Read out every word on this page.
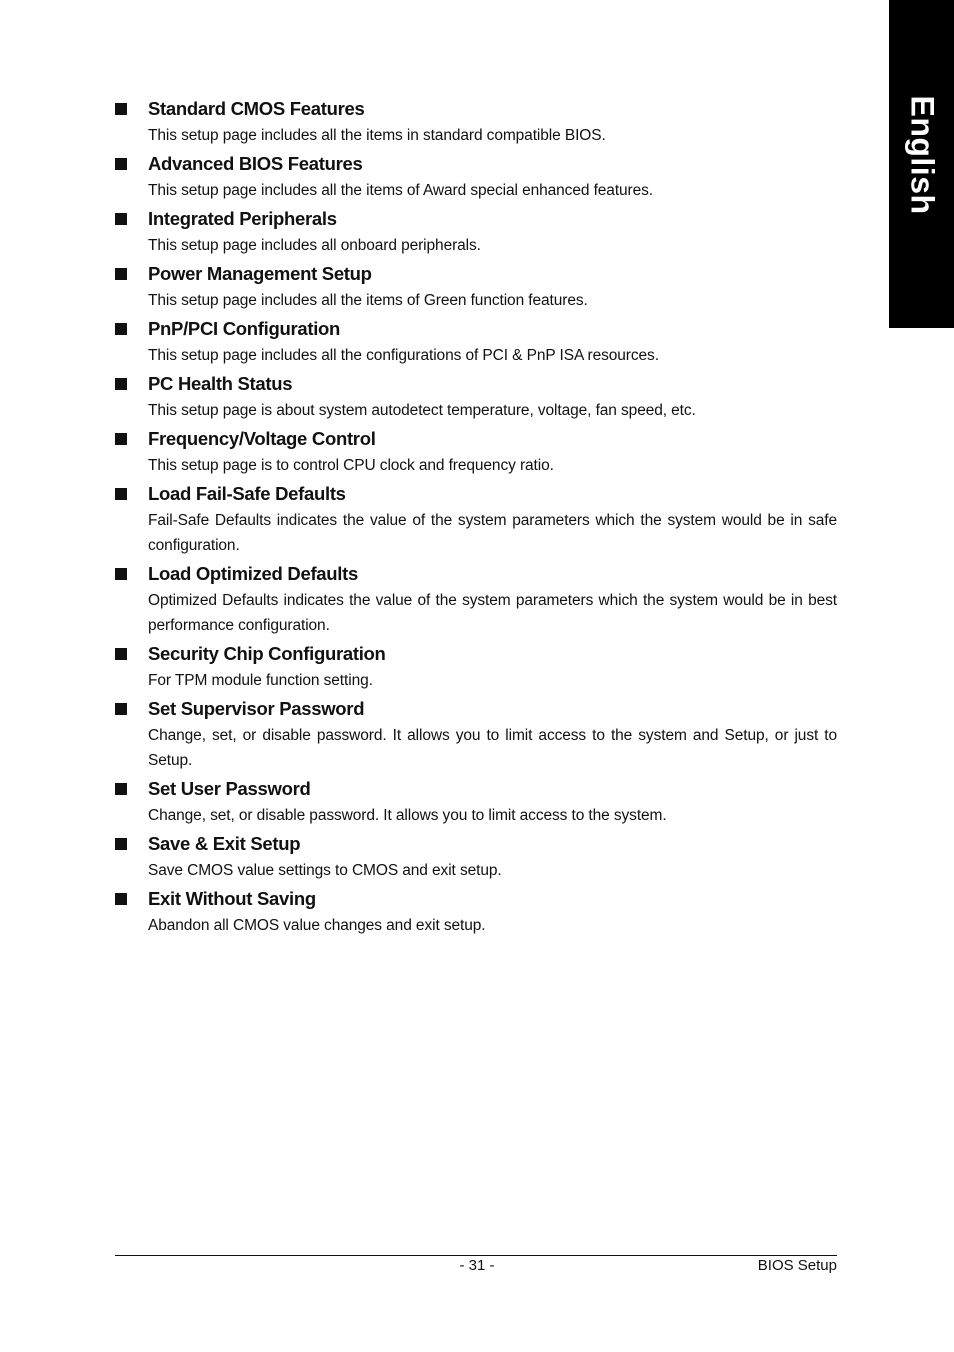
English
Standard CMOS Features

This setup page includes all the items in standard compatible BIOS.

Advanced BIOS Features

This setup page includes all the items of Award special enhanced features.

Integrated Peripherals

This setup page includes all onboard peripherals.

Power Management Setup

This setup page includes all the items of Green function features.

PnP/PCI Configuration

This setup page includes all the configurations of PCI & PnP ISA resources.

PC Health Status

This setup page is about system autodetect temperature, voltage, fan speed, etc.

Frequency/Voltage Control

This setup page is to control CPU clock and frequency ratio.

Load Fail-Safe Defaults

Fail-Safe Defaults indicates the value of the system parameters which the system would be in safe configuration.

Load Optimized Defaults

Optimized Defaults indicates the value of the system parameters which the system would be in best performance configuration.

Security Chip Configuration

For TPM module function setting.

Set Supervisor Password

Change, set, or disable password. It allows you to limit access to the system and Setup, or just to Setup.

Set User Password

Change, set, or disable password. It allows you to limit access to the system.

Save & Exit Setup

Save CMOS value settings to CMOS and exit setup.

Exit Without Saving

Abandon all CMOS value changes and exit setup.

- 31 -	BIOS Setup
